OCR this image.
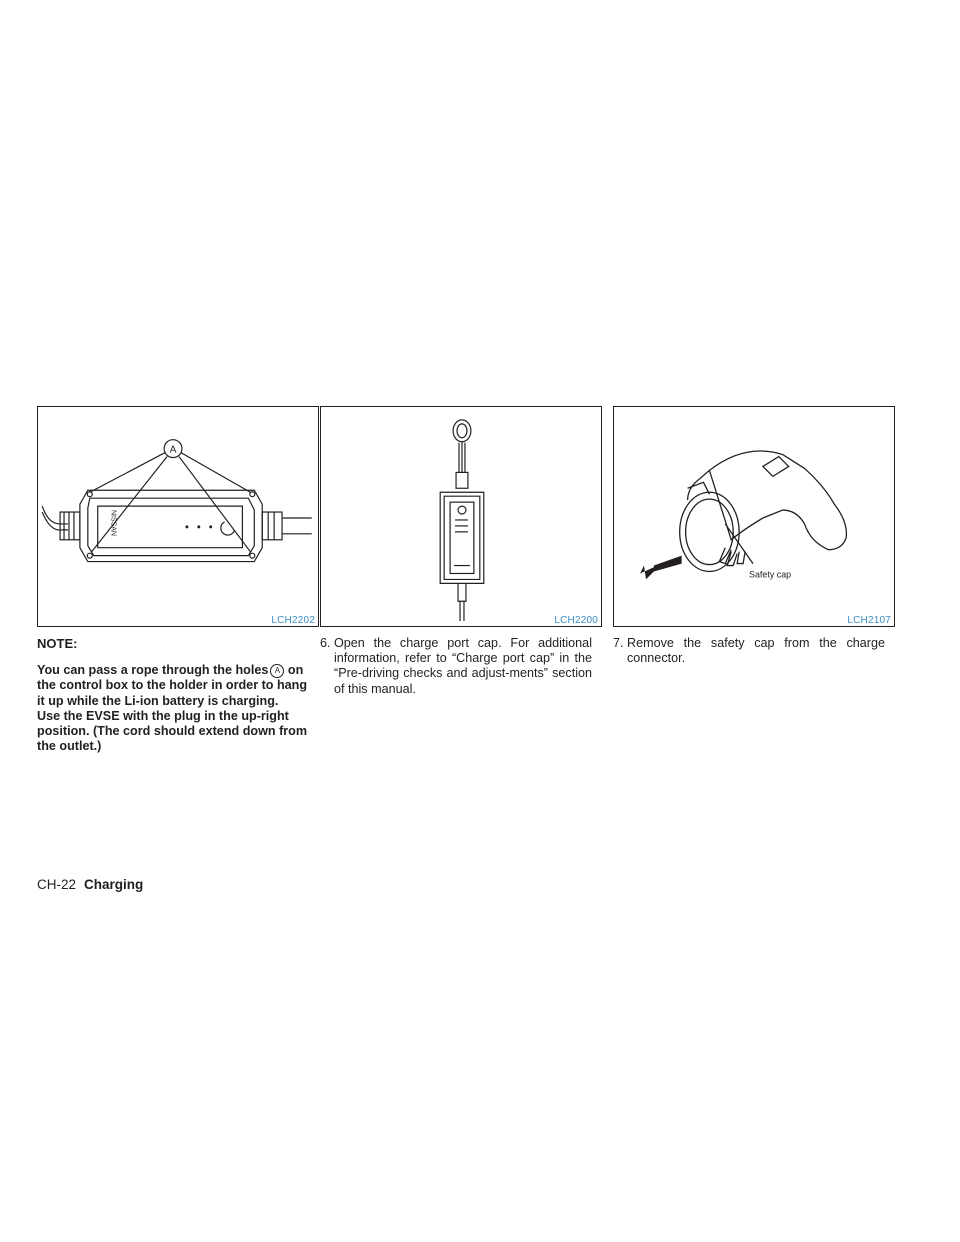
A
NISSAN
LCH2202	LCH2200
Safety cap
LCH2107
NOTE:

You can pass a rope through the holes A on the control box to the holder in order to hang it up while the Li-ion battery is charging.

Use the EVSE with the plug in the up-right position. (The cord should extend down from the outlet.)

6. Open the charge port cap. For additional information, refer to “Charge port cap” in the “Pre-driving checks and adjust-ments” section of this manual.
7. Remove the safety cap from the charge connector.
CH-22 Charging
